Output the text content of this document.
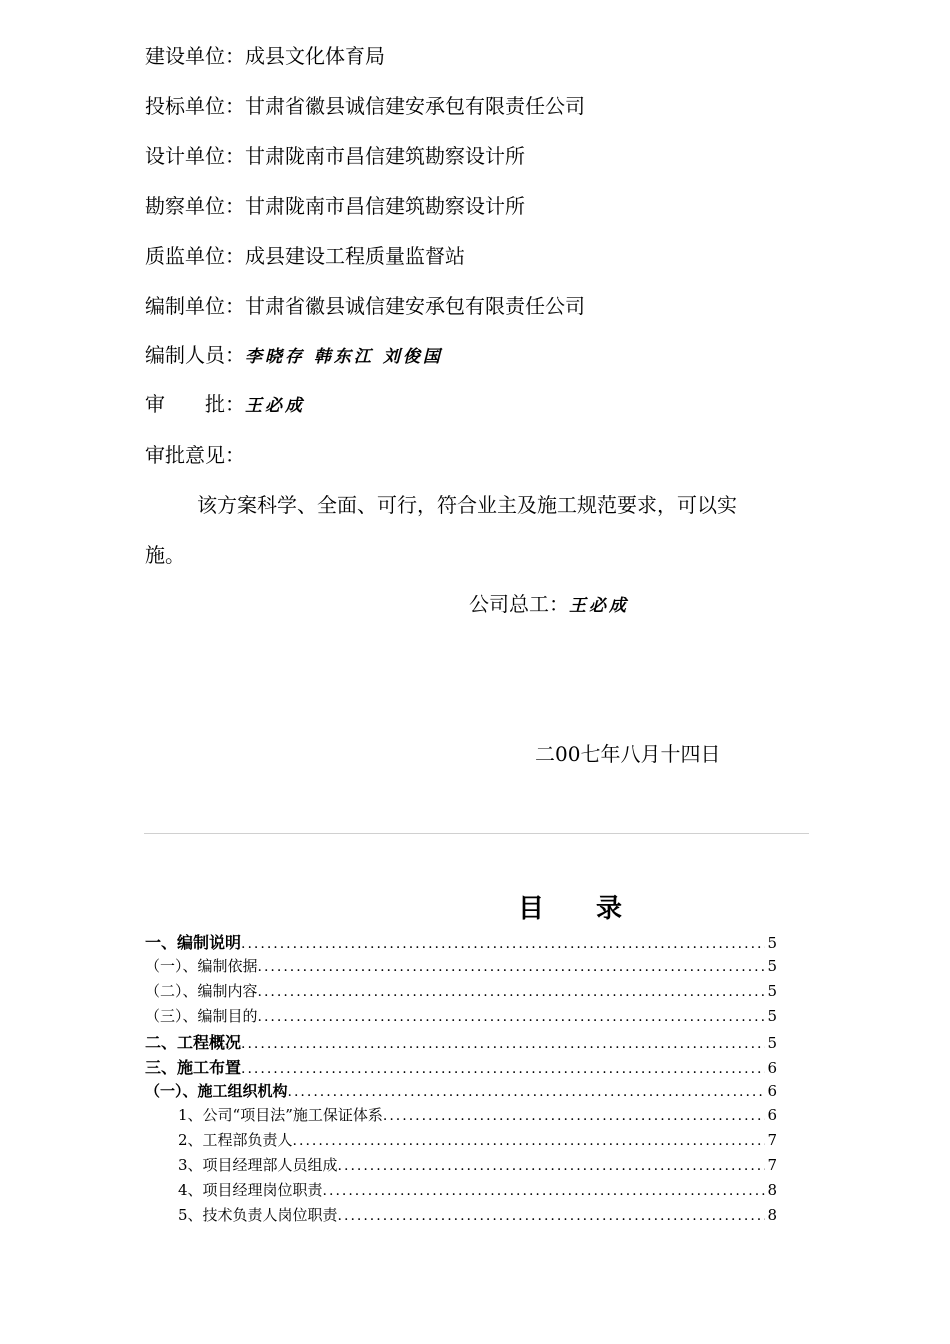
建设单位：成县文化体育局
投标单位：甘肃省徽县诚信建安承包有限责任公司
设计单位：甘肃陇南市昌信建筑勘察设计所
勘察单位：甘肃陇南市昌信建筑勘察设计所
质监单位：成县建设工程质量监督站
编制单位：甘肃省徽县诚信建安承包有限责任公司
编制人员：李晓存 韩东江 刘俊国
审　　批：王必成
审批意见：
该方案科学、全面、可行，符合业主及施工规范要求，可以实
施。
公司总工：王必成
二00七年八月十四日
目　　录
一、编制说明 .....	5
（一）、编制依据 .....	5
（二）、编制内容 .....	5
（三）、编制目的 .....	5
二、工程概况 .....	5
三、施工布置 .....	6
（一）、施工组织机构 .....	6
1、公司“项目法”施工保证体系 .....	6
2、工程部负责人 .....	7
3、项目经理部人员组成 .....	7
4、项目经理岗位职责 .....	8
5、技术负责人岗位职责 .....	8
